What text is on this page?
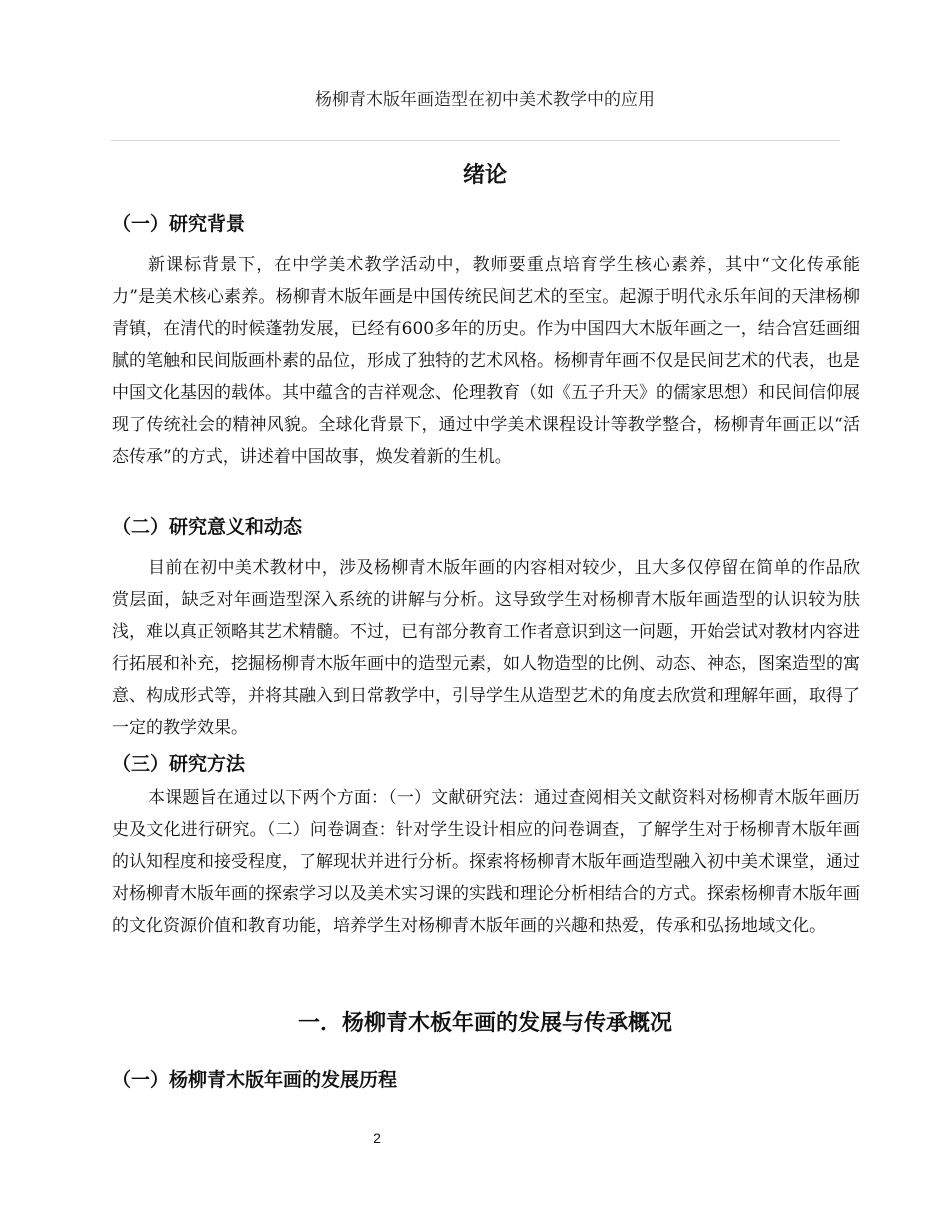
杨柳青木版年画造型在初中美术教学中的应用
绪论
（一）研究背景

新课标背景下，在中学美术教学活动中，教师要重点培育学生核心素养，其中“文化传承能力”是美术核心素养。杨柳青木版年画是中国传统民间艺术的至宝。起源于明代永乐年间的天津杨柳青镇，在清代的时候蓬勃发展，已经有600多年的历史。作为中国四大木版年画之一，结合宫廷画细腻的笔触和民间版画朴素的品位，形成了独特的艺术风格。杨柳青年画不仅是民间艺术的代表，也是中国文化基因的载体。其中蕴含的吉祥观念、伦理教育（如《五子升天》的儒家思想）和民间信仰展现了传统社会的精神风貌。全球化背景下，通过中学美术课程设计等教学整合，杨柳青年画正以“活态传承”的方式，讲述着中国故事，焕发着新的生机。

（二）研究意义和动态

目前在初中美术教材中，涉及杨柳青木版年画的内容相对较少，且大多仅停留在简单的作品欣赏层面，缺乏对年画造型深入系统的讲解与分析。这导致学生对杨柳青木版年画造型的认识较为肤浅，难以真正领略其艺术精髓。不过，已有部分教育工作者意识到这一问题，开始尝试对教材内容进行拓展和补充，挖掘杨柳青木版年画中的造型元素，如人物造型的比例、动态、神态，图案造型的寓意、构成形式等，并将其融入到日常教学中，引导学生从造型艺术的角度去欣赏和理解年画，取得了一定的教学效果。

（三）研究方法

本课题旨在通过以下两个方面：（一）文献研究法：通过查阅相关文献资料对杨柳青木版年画历史及文化进行研究。（二）问卷调查：针对学生设计相应的问卷调查，了解学生对于杨柳青木版年画的认知程度和接受程度，了解现状并进行分析。探索将杨柳青木版年画造型融入初中美术课堂，通过对杨柳青木版年画的探索学习以及美术实习课的实践和理论分析相结合的方式。探索杨柳青木版年画的文化资源价值和教育功能，培养学生对杨柳青木版年画的兴趣和热爱，传承和弘扬地域文化。

一．杨柳青木板年画的发展与传承概况
（一）杨柳青木版年画的发展历程
2
